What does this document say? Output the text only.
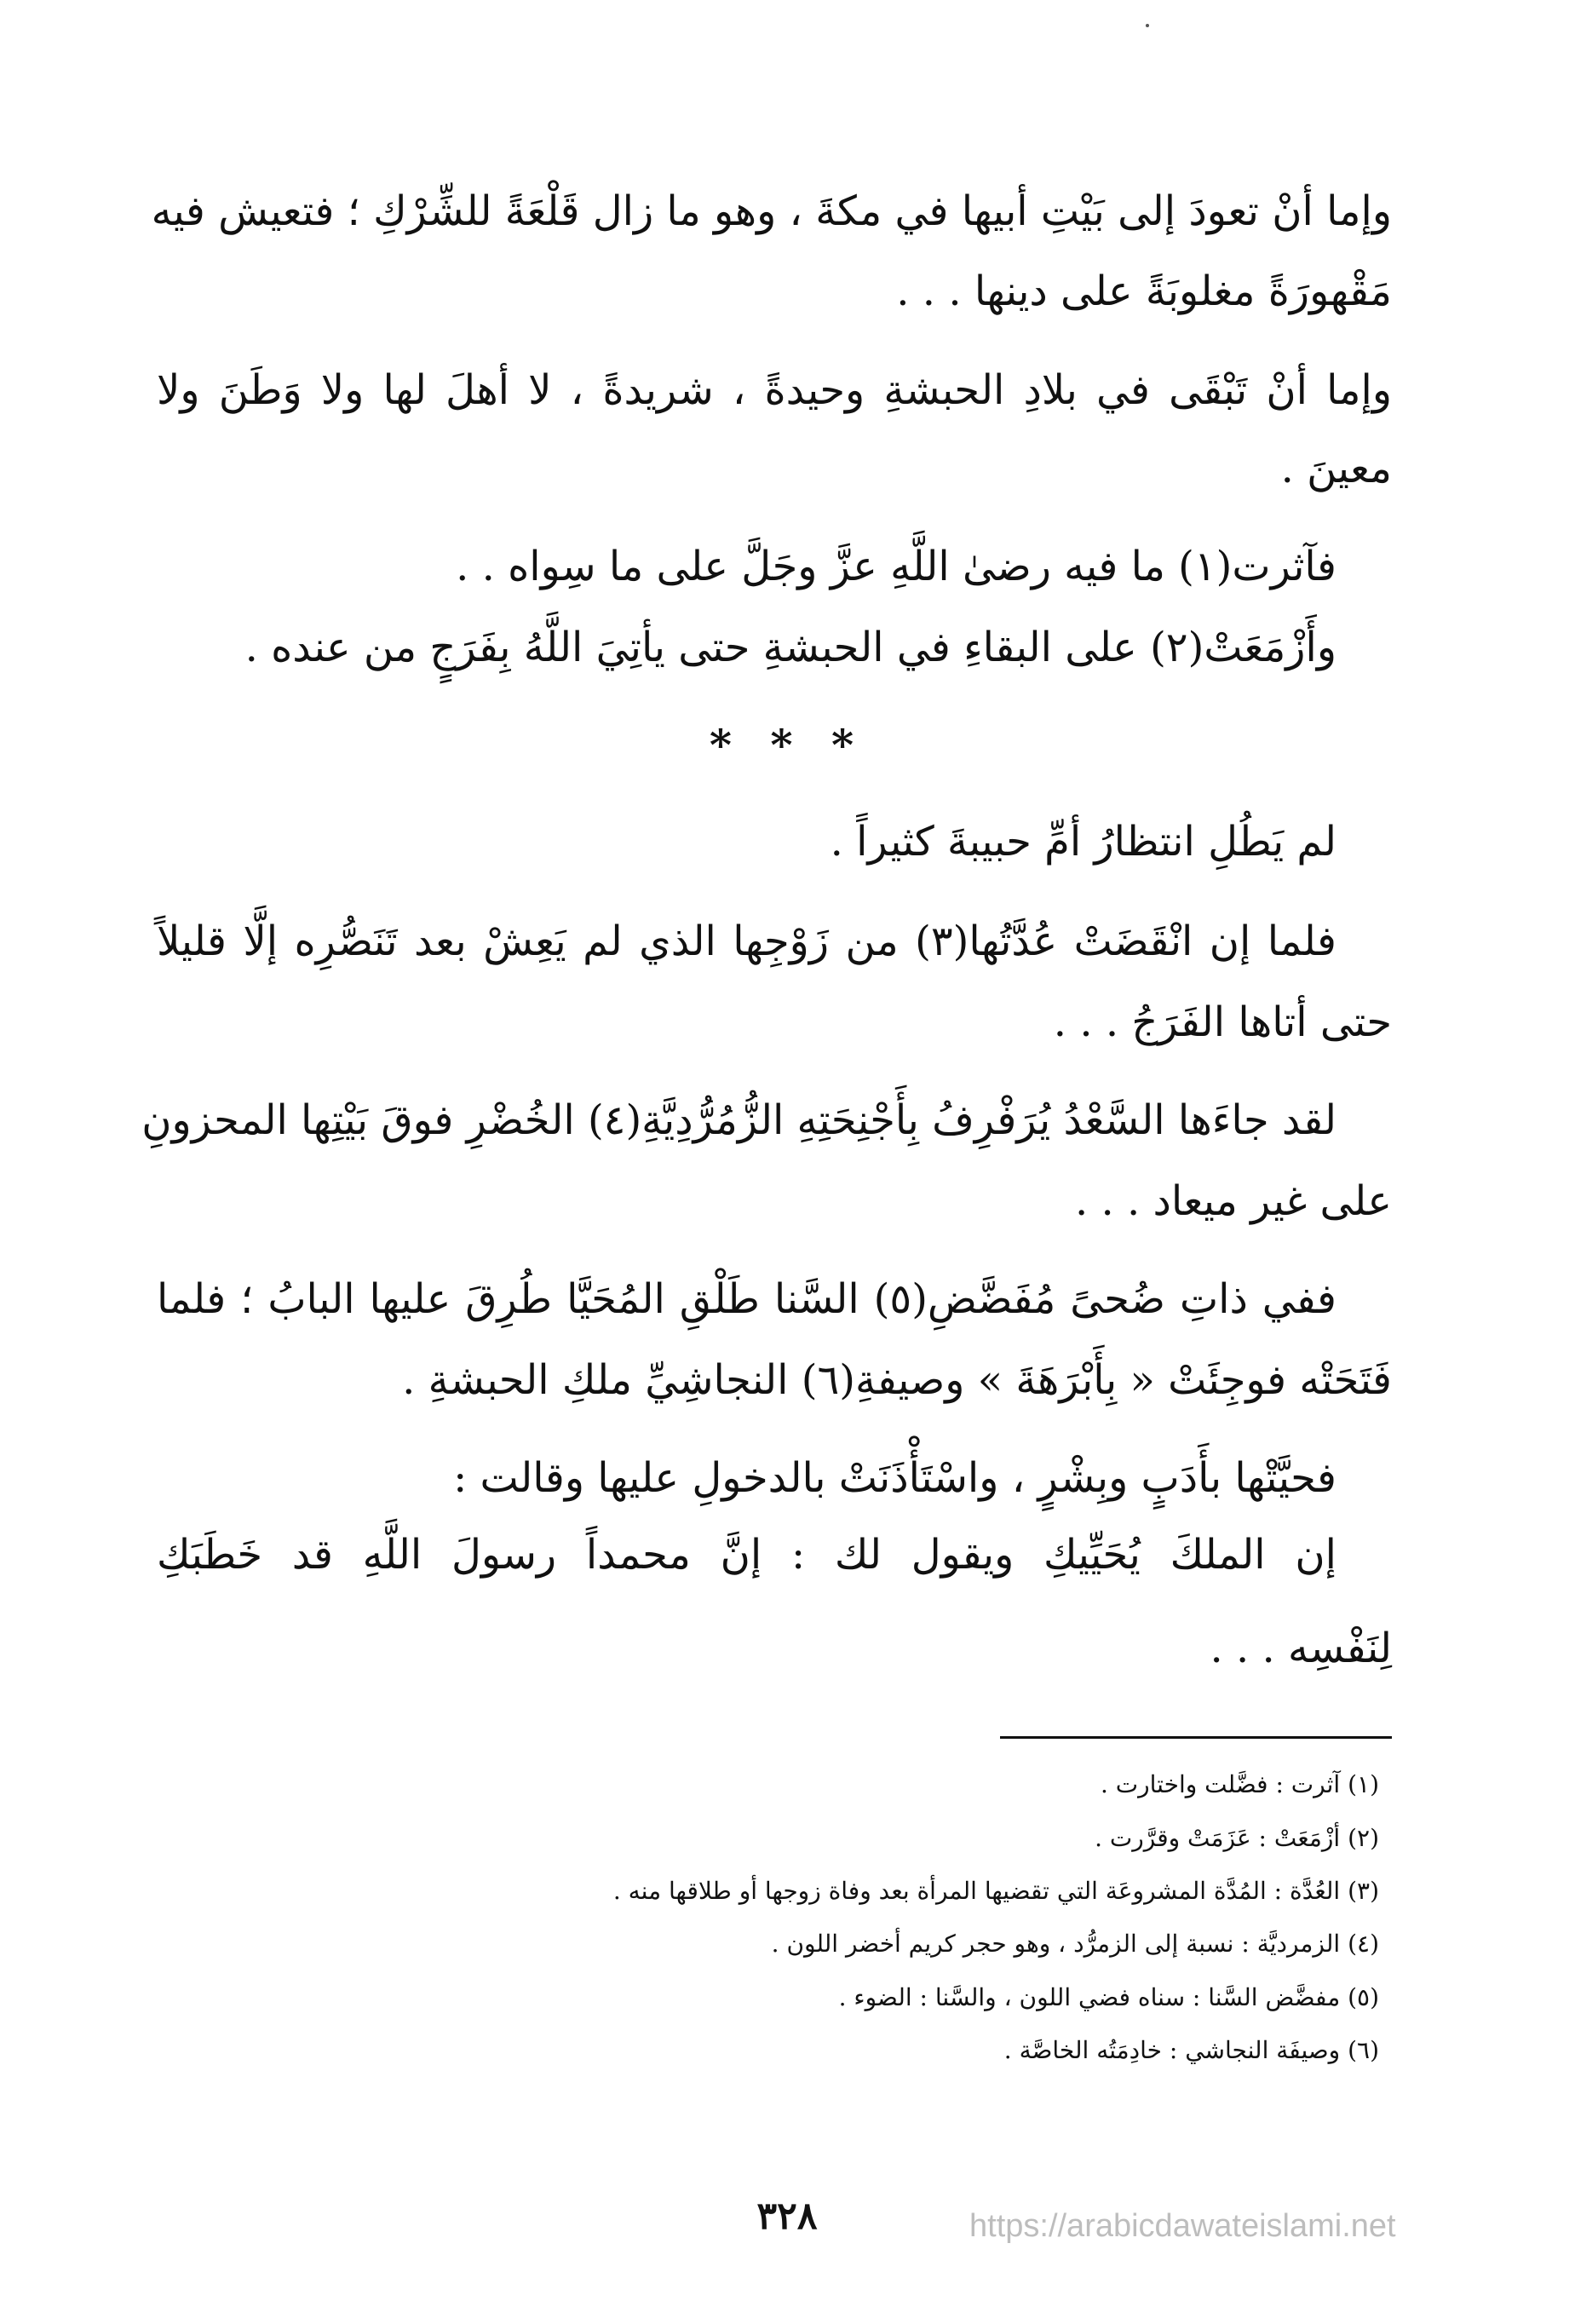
وإما أنْ تعودَ إلى بَيْتِ أبيها في مكةَ ، وهو ما زال قَلْعَةً للشِّرْكِ ؛ فتعيش فيه
مَقْهورَةً مغلوبَةً على دينها . . .
وإما أنْ تَبْقَى في بلادِ الحبشةِ وحيدةً ، شريدةً ، لا أهلَ لها ولا وَطَنَ ولا
معينَ .
فآثرت(١) ما فيه رضىٰ اللَّهِ عزَّ وجَلَّ على ما سِواه . .
وأَزْمَعَتْ(٢) على البقاءِ في الحبشةِ حتى يأتِيَ اللَّهُ بِفَرَجٍ من عنده .
* * *
لم يَطُلِ انتظارُ أمِّ حبيبةَ كثيراً .
فلما إن انْقَضَتْ عُدَّتُها(٣) من زَوْجِها الذي لم يَعِشْ بعد تَنَصُّرِه إلَّا قليلاً
حتى أتاها الفَرَجُ . . .
لقد جاءَها السَّعْدُ يُرَفْرِفُ بِأَجْنِحَتِهِ الزُّمُرُّدِيَّةِ(٤) الخُضْرِ فوقَ بَيْتِها المحزونِ
على غير ميعاد . . .
ففي ذاتِ ضُحىً مُفَضَّضِ(٥) السَّنا طَلْقِ المُحَيَّا طُرِقَ عليها البابُ ؛ فلما
فَتَحَتْه فوجِئَتْ « بِأَبْرَهَةَ » وصيفةِ(٦) النجاشِيِّ ملكِ الحبشةِ .
فحيَّتْها بأَدَبٍ وبِشْرٍ ، واسْتَأْذَنَتْ بالدخولِ عليها وقالت :
إن الملكَ يُحَيِّيكِ ويقول لك : إنَّ محمداً رسولَ اللَّهِ قد خَطَبَكِ
لِنَفْسِه . . .
(١) آثرت : فضَّلت واختارت .
(٢) أزْمَعَتْ : عَزَمَتْ وقرَّرت .
(٣) العُدَّة : المُدَّة المشروعَة التي تقضيها المرأة بعد وفاة زوجها أو طلاقها منه .
(٤) الزمرديَّة : نسبة إلى الزمرُّد ، وهو حجر كريم أخضر اللون .
(٥) مفضَّض السَّنا : سناه فضي اللون ، والسَّنا : الضوء .
(٦) وصيفَة النجاشي : خادِمَتُه الخاصَّة .
٣٢٨	https://arabicdawateislami.net
